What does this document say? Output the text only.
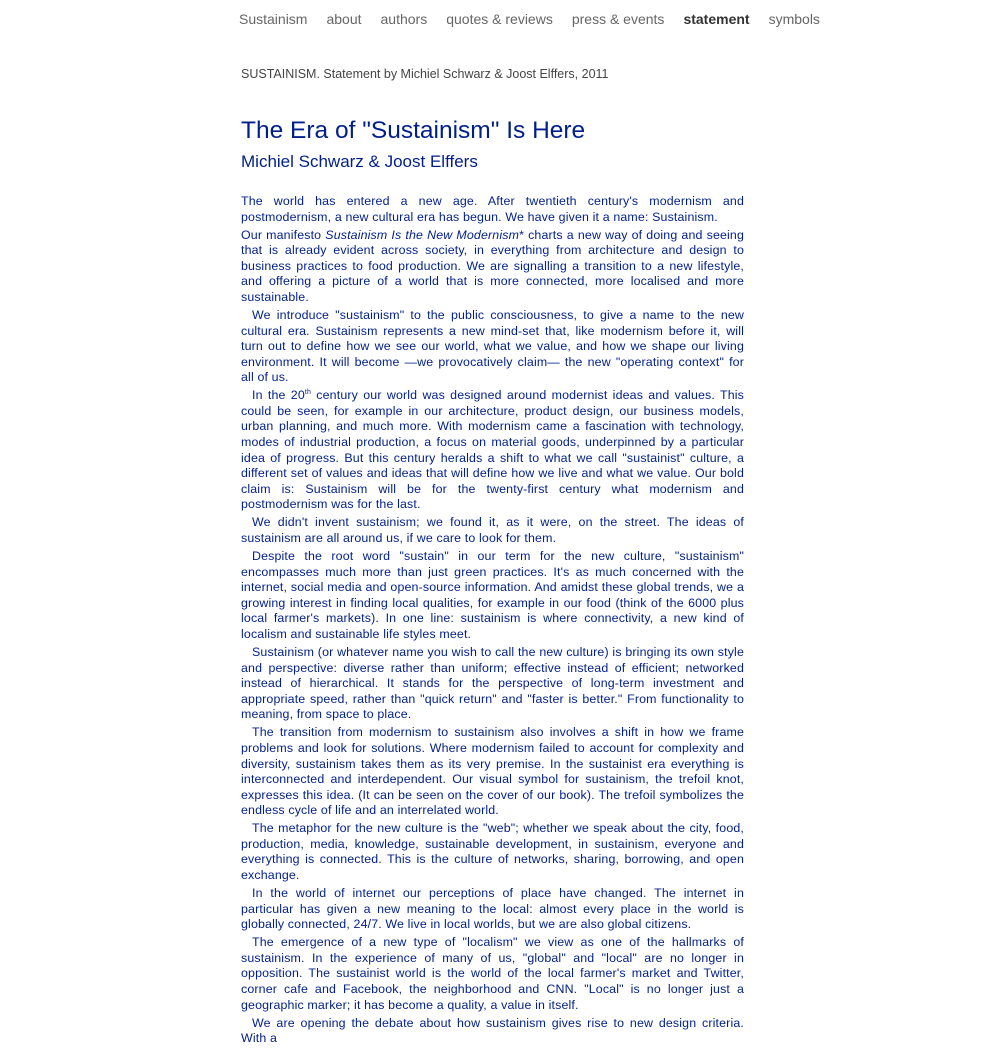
Sustainism about authors quotes & reviews press & events statement symbols

SUSTAINISM. Statement by Michiel Schwarz & Joost Elffers, 2011

The Era of "Sustainism" Is Here
Michiel Schwarz & Joost Elffers

The world has entered a new age. After twentieth century's modernism and postmodernism, a new cultural era has begun. We have given it a name: Sustainism.

Our manifesto Sustainism Is the New Modernism* charts a new way of doing and seeing that is already evident across society, in everything from architecture and design to business practices to food production. We are signalling a transition to a new lifestyle, and offering a picture of a world that is more connected, more localised and more sustainable.

We introduce "sustainism" to the public consciousness, to give a name to the new cultural era. Sustainism represents a new mind-set that, like modernism before it, will turn out to define how we see our world, what we value, and how we shape our living environment. It will become —we provocatively claim— the new "operating context" for all of us.

In the 20th century our world was designed around modernist ideas and values. This could be seen, for example in our architecture, product design, our business models, urban planning, and much more. With modernism came a fascination with technology, modes of industrial production, a focus on material goods, underpinned by a particular idea of progress. But this century heralds a shift to what we call "sustainist" culture, a different set of values and ideas that will define how we live and what we value. Our bold claim is: Sustainism will be for the twenty-first century what modernism and postmodernism was for the last.

We didn't invent sustainism; we found it, as it were, on the street. The ideas of sustainism are all around us, if we care to look for them.

Despite the root word "sustain" in our term for the new culture, "sustainism" encompasses much more than just green practices. It's as much concerned with the internet, social media and open-source information. And amidst these global trends, we a growing interest in finding local qualities, for example in our food (think of the 6000 plus local farmer's markets). In one line: sustainism is where connectivity, a new kind of localism and sustainable life styles meet.

Sustainism (or whatever name you wish to call the new culture) is bringing its own style and perspective: diverse rather than uniform; effective instead of efficient; networked instead of hierarchical. It stands for the perspective of long-term investment and appropriate speed, rather than "quick return" and "faster is better." From functionality to meaning, from space to place.

The transition from modernism to sustainism also involves a shift in how we frame problems and look for solutions. Where modernism failed to account for complexity and diversity, sustainism takes them as its very premise. In the sustainist era everything is interconnected and interdependent. Our visual symbol for sustainism, the trefoil knot, expresses this idea. (It can be seen on the cover of our book). The trefoil symbolizes the endless cycle of life and an interrelated world.

The metaphor for the new culture is the "web"; whether we speak about the city, food, production, media, knowledge, sustainable development, in sustainism, everyone and everything is connected. This is the culture of networks, sharing, borrowing, and open exchange.

In the world of internet our perceptions of place have changed. The internet in particular has given a new meaning to the local: almost every place in the world is globally connected, 24/7. We live in local worlds, but we are also global citizens.

The emergence of a new type of "localism" we view as one of the hallmarks of sustainism. In the experience of many of us, "global" and "local" are no longer in opposition. The sustainist world is the world of the local farmer's market and Twitter, corner cafe and Facebook, the neighborhood and CNN. "Local" is no longer just a geographic marker; it has become a quality, a value in itself.

We are opening the debate about how sustainism gives rise to new design criteria. With a
